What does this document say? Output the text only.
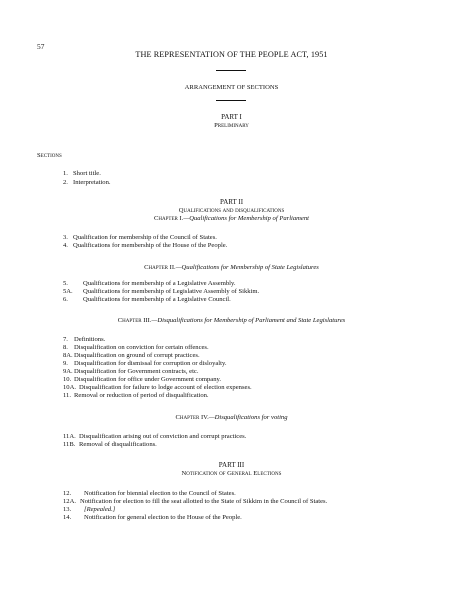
57
THE REPRESENTATION OF THE PEOPLE ACT, 1951
ARRANGEMENT OF SECTIONS
PART I
Preliminary
Sections
1. Short title.
2. Interpretation.
PART II
Qualifications and disqualifications
Chapter I.—Qualifications for Membership of Parliament
3. Qualification for membership of the Council of States.
4. Qualifications for membership of the House of the People.
Chapter II.—Qualifications for Membership of State Legislatures
5. Qualifications for membership of a Legislative Assembly.
5A. Qualifications for membership of Legislative Assembly of Sikkim.
6. Qualifications for membership of a Legislative Council.
Chapter III.—Disqualifications for Membership of Parliament and State Legislatures
7. Definitions.
8. Disqualification on conviction for certain offences.
8A.Disqualification on ground of corrupt practices.
9. Disqualification for dismissal for corruption or disloyalty.
9A.Disqualification for Government contracts, etc.
10. Disqualification for office under Government company.
10A. Disqualification for failure to lodge account of election expenses.
11. Removal or reduction of period of disqualification.
Chapter IV.—Disqualifications for voting
11A. Disqualification arising out of conviction and corrupt practices.
11B. Removal of disqualifications.
PART III
Notification of General Elections
12. Notification for biennial election to the Council of States.
12A. Notification for election to fill the seat allotted to the State of Sikkim in the Council of States.
13. [Repealed.]
14. Notification for general election to the House of the People.
